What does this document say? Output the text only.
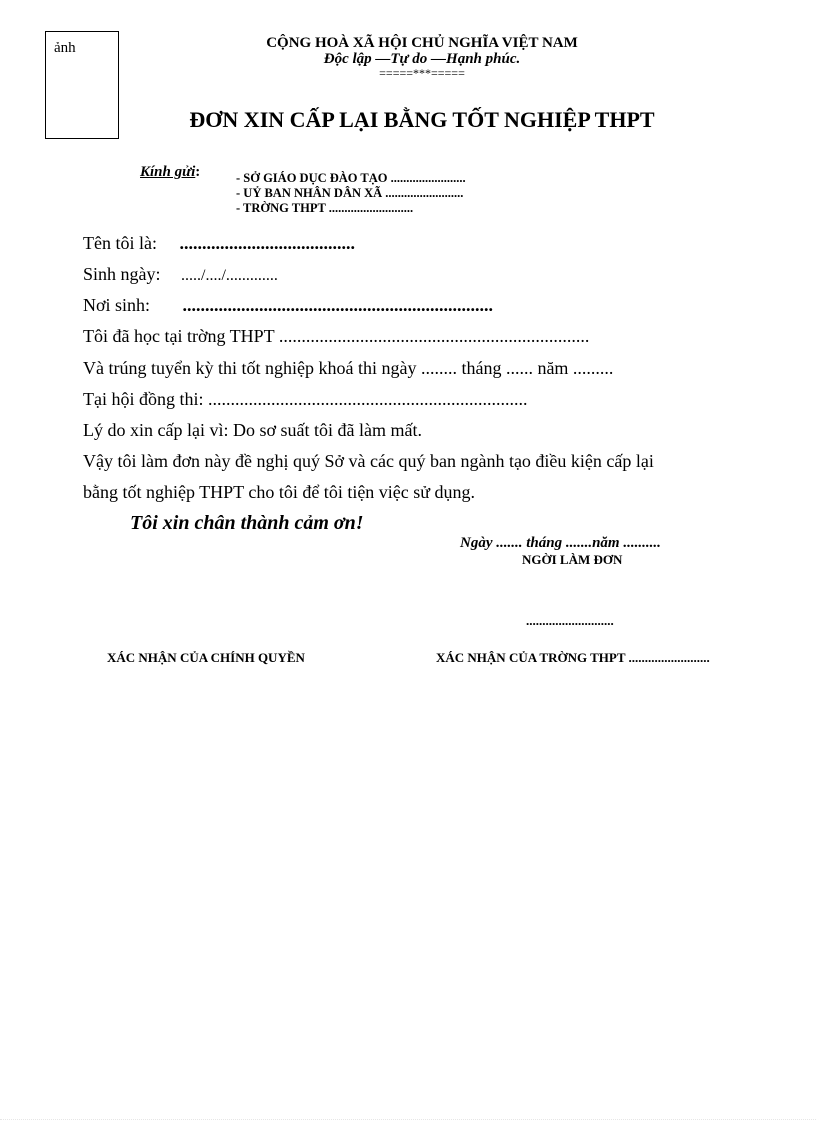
ảnh	CỘNG HOÀ XÃ HỘI CHỦ NGHĨA VIỆT NAM
Độc lập —Tự do —Hạnh phúc.
=====***=====
ĐƠN XIN CẤP LẠI BẰNG TỐT NGHIỆP THPT
Kính gửi:	- SỞ GIÁO DỤC ĐÀO TẠO ........................
- UỶ BAN NHÂN DÂN XÃ .........................
- TRỜNG THPT ...........................
Tên tôi là: .......................................
Sinh ngày: ...../..../.............
Nơi sinh: .....................................................................
Tôi đã học tại trờng THPT .....................................................................
Và trúng tuyển kỳ thi tốt nghiệp khoá thi ngày ........ tháng ...... năm .........
Tại hội đồng thi: .......................................................................
Lý do xin cấp lại vì: Do sơ suất tôi đã làm mất.
Vậy tôi làm đơn này đề nghị quý Sở và các quý ban ngành tạo điều kiện cấp lại
bằng tốt nghiệp THPT cho tôi để tôi tiện việc sử dụng.
Tôi xin chân thành cảm ơn!
Ngày ....... tháng .......năm ..........
NGỜI LÀM ĐƠN
...........................
XÁC NHẬN CỦA CHÍNH QUYỀN	XÁC NHẬN CỦA TRỜNG THPT .........................
